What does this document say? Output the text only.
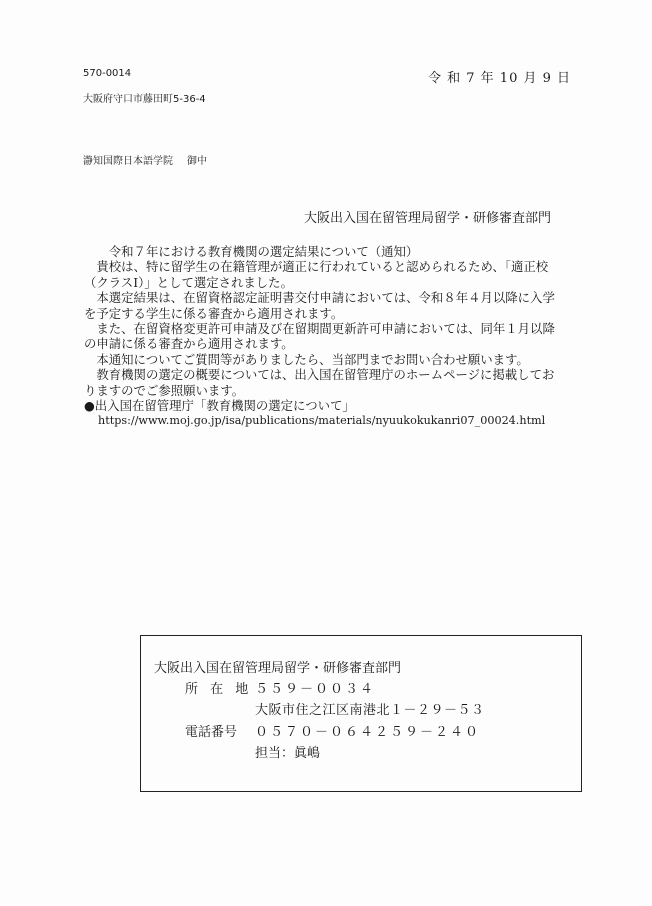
570-0014
大阪府守口市藤田町5-36-4
令 和 7 年 10 月 9 日
瀞知国際日本語学院 御中
大阪出入国在留管理局留学・研修審査部門
　　令和７年における教育機関の選定結果について（通知）
　貴校は、特に留学生の在籍管理が適正に行われていると認められるため、「適正校
（クラスⅠ）」として選定されました。
　本選定結果は、在留資格認定証明書交付申請においては、令和８年４月以降に入学
を予定する学生に係る審査から適用されます。
　また、在留資格変更許可申請及び在留期間更新許可申請においては、同年１月以降
の申請に係る審査から適用されます。
　本通知についてご質問等がありましたら、当部門までお問い合わせ願います。
　教育機関の選定の概要については、出入国在留管理庁のホームページに掲載してお
りますのでご参照願います。
●出入国在留管理庁「教育機関の選定について」
https://www.moj.go.jp/isa/publications/materials/nyuukokukanri07_00024.html
大阪出入国在留管理局留学・研修審査部門
所 在 地 ５５９－００３４
大阪市住之江区南港北１－２９－５３
電話番号 ０５７０－０６４２５９－２４０
担当：眞嶋
